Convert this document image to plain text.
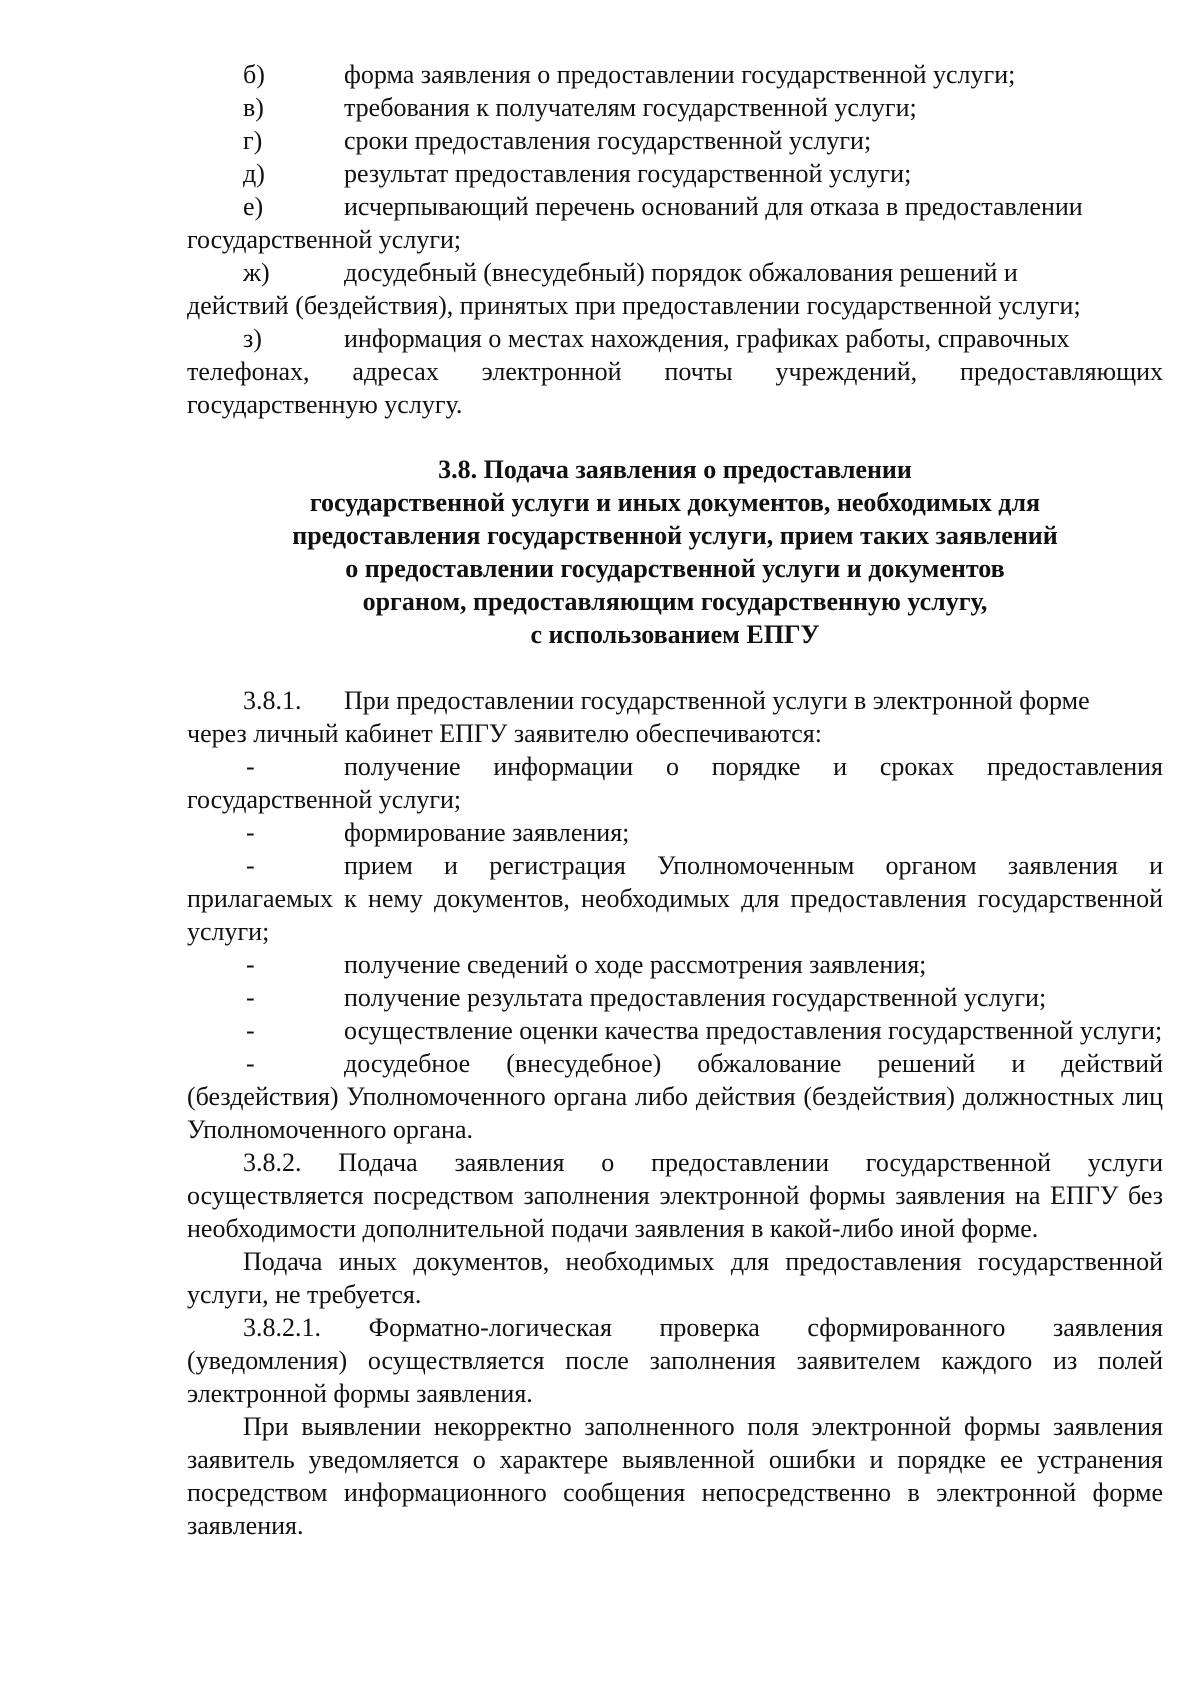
б)	форма заявления о предоставлении государственной услуги;
в)	требования к получателям государственной услуги;
г)	сроки предоставления государственной услуги;
д)	результат предоставления государственной услуги;
е)	исчерпывающий перечень оснований для отказа в предоставлении
государственной услуги;
ж)	досудебный (внесудебный) порядок обжалования решений и
действий (бездействия), принятых при предоставлении государственной услуги;
з)	информация о местах нахождения, графиках работы, справочных
телефонах, адресах электронной почты учреждений, предоставляющих государственную услугу.
3.8. Подача заявления о предоставлении
государственной услуги и иных документов, необходимых для
предоставления государственной услуги, прием таких заявлений
о предоставлении государственной услуги и документов
органом, предоставляющим государственную услугу,
с использованием ЕПГУ
3.8.1.	При предоставлении государственной услуги в электронной форме
через личный кабинет ЕПГУ заявителю обеспечиваются:
-	получение информации о порядке и сроках предоставления государственной услуги;
-	формирование заявления;
-	прием и регистрация Уполномоченным органом заявления и прилагаемых к нему документов, необходимых для предоставления государственной услуги;
-	получение сведений о ходе рассмотрения заявления;
-	получение результата предоставления государственной услуги;
-	осуществление оценки качества предоставления государственной услуги;
-	досудебное (внесудебное) обжалование решений и действий (бездействия) Уполномоченного органа либо действия (бездействия) должностных лиц Уполномоченного органа.
3.8.2. Подача заявления о предоставлении государственной услуги осуществляется посредством заполнения электронной формы заявления на ЕПГУ без необходимости дополнительной подачи заявления в какой-либо иной форме.
Подача иных документов, необходимых для предоставления государственной услуги, не требуется.
3.8.2.1. Форматно-логическая проверка сформированного заявления (уведомления) осуществляется после заполнения заявителем каждого из полей электронной формы заявления.
При выявлении некорректно заполненного поля электронной формы заявления заявитель уведомляется о характере выявленной ошибки и порядке ее устранения посредством информационного сообщения непосредственно в электронной форме заявления.
